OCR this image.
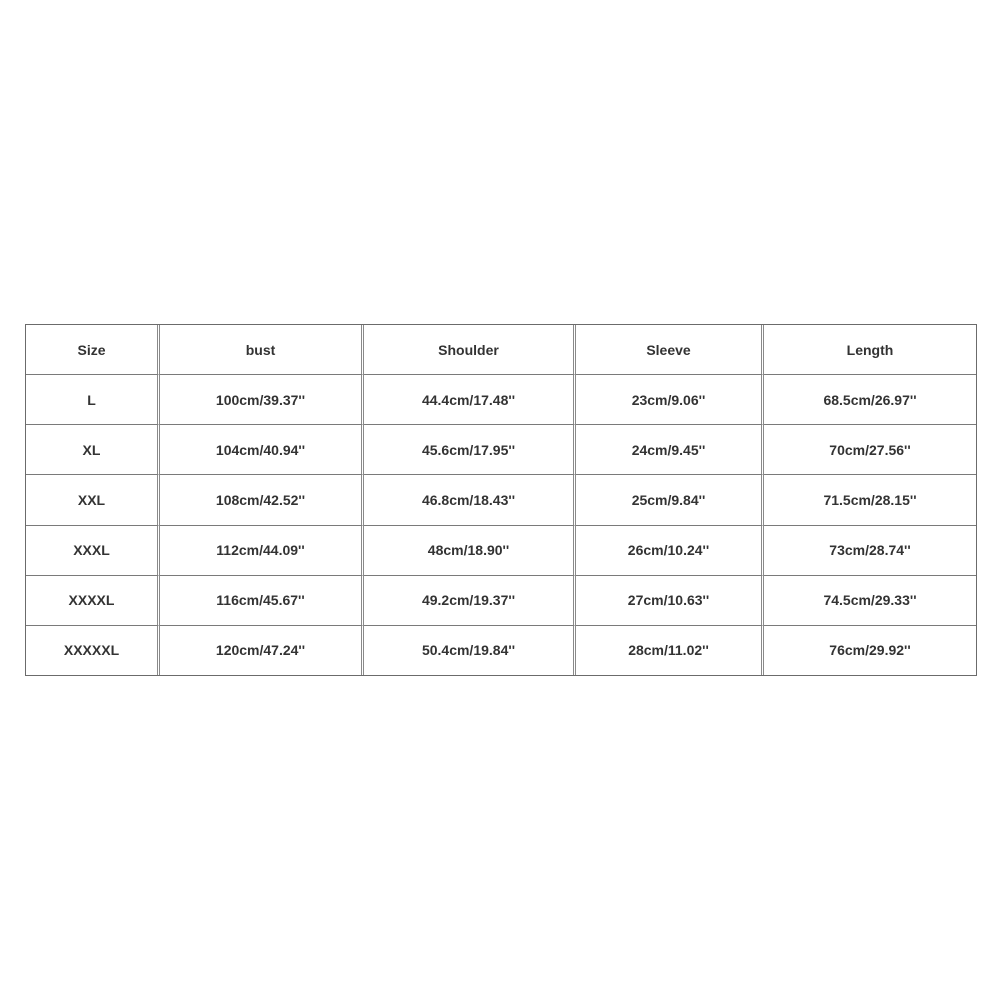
Size	bust	Shoulder	Sleeve	Length
L	100cm/39.37''	44.4cm/17.48''	23cm/9.06''	68.5cm/26.97''
XL	104cm/40.94''	45.6cm/17.95''	24cm/9.45''	70cm/27.56''
XXL	108cm/42.52''	46.8cm/18.43''	25cm/9.84''	71.5cm/28.15''
XXXL	112cm/44.09''	48cm/18.90''	26cm/10.24''	73cm/28.74''
XXXXL	116cm/45.67''	49.2cm/19.37''	27cm/10.63''	74.5cm/29.33''
XXXXXL	120cm/47.24''	50.4cm/19.84''	28cm/11.02''	76cm/29.92''
